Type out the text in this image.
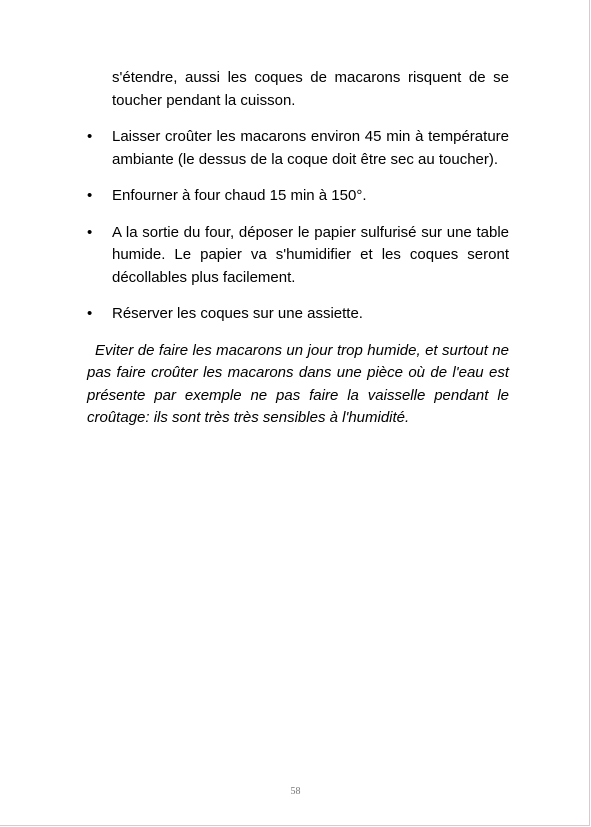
s'étendre, aussi les coques de macarons risquent de se toucher pendant la cuisson.

• Laisser croûter les macarons environ 45 min à température ambiante (le dessus de la coque doit être sec au toucher).
• Enfourner à four chaud 15 min à 150°.
• A la sortie du four, déposer le papier sulfurisé sur une table humide. Le papier va s'humidifier et les coques seront décollables plus facilement.
• Réserver les coques sur une assiette.

Eviter de faire les macarons un jour trop humide, et surtout ne pas faire croûter les macarons dans une pièce où de l'eau est présente par exemple ne pas faire la vaisselle pendant le croûtage: ils sont très très sensibles à l'humidité.

58
